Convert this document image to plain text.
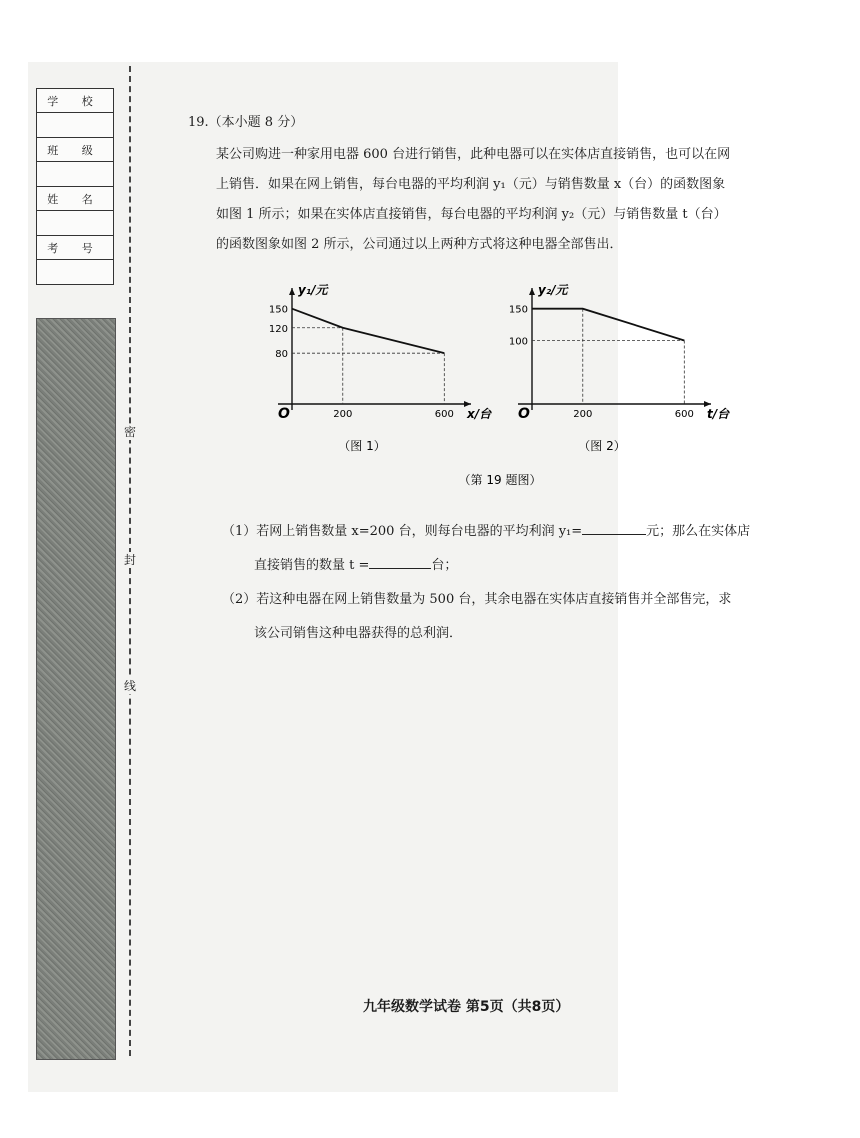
学 校

班 级

姓 名

考 号

密
封
线

19.（本小题 8 分）

某公司购进一种家用电器 600 台进行销售，此种电器可以在实体店直接销售，也可以在网

上销售．如果在网上销售，每台电器的平均利润 y₁（元）与销售数量 x（台）的函数图象

如图 1 所示；如果在实体店直接销售，每台电器的平均利润 y₂（元）与销售数量 t（台）

的函数图象如图 2 所示，公司通过以上两种方式将这种电器全部售出．

y₁/元
x/台
O
80
120
150
200	600
（图 1）
y₂/元
t/台
O
100
150
200	600
（图 2）
（第 19 题图）

（1）若网上销售数量 x=200 台，则每台电器的平均利润 y₁=	元；那么在实体店

直接销售的数量 t =	台；

（2）若这种电器在网上销售数量为 500 台，其余电器在实体店直接销售并全部售完，求

该公司销售这种电器获得的总利润．

九年级数学试卷 第5页（共8页）
